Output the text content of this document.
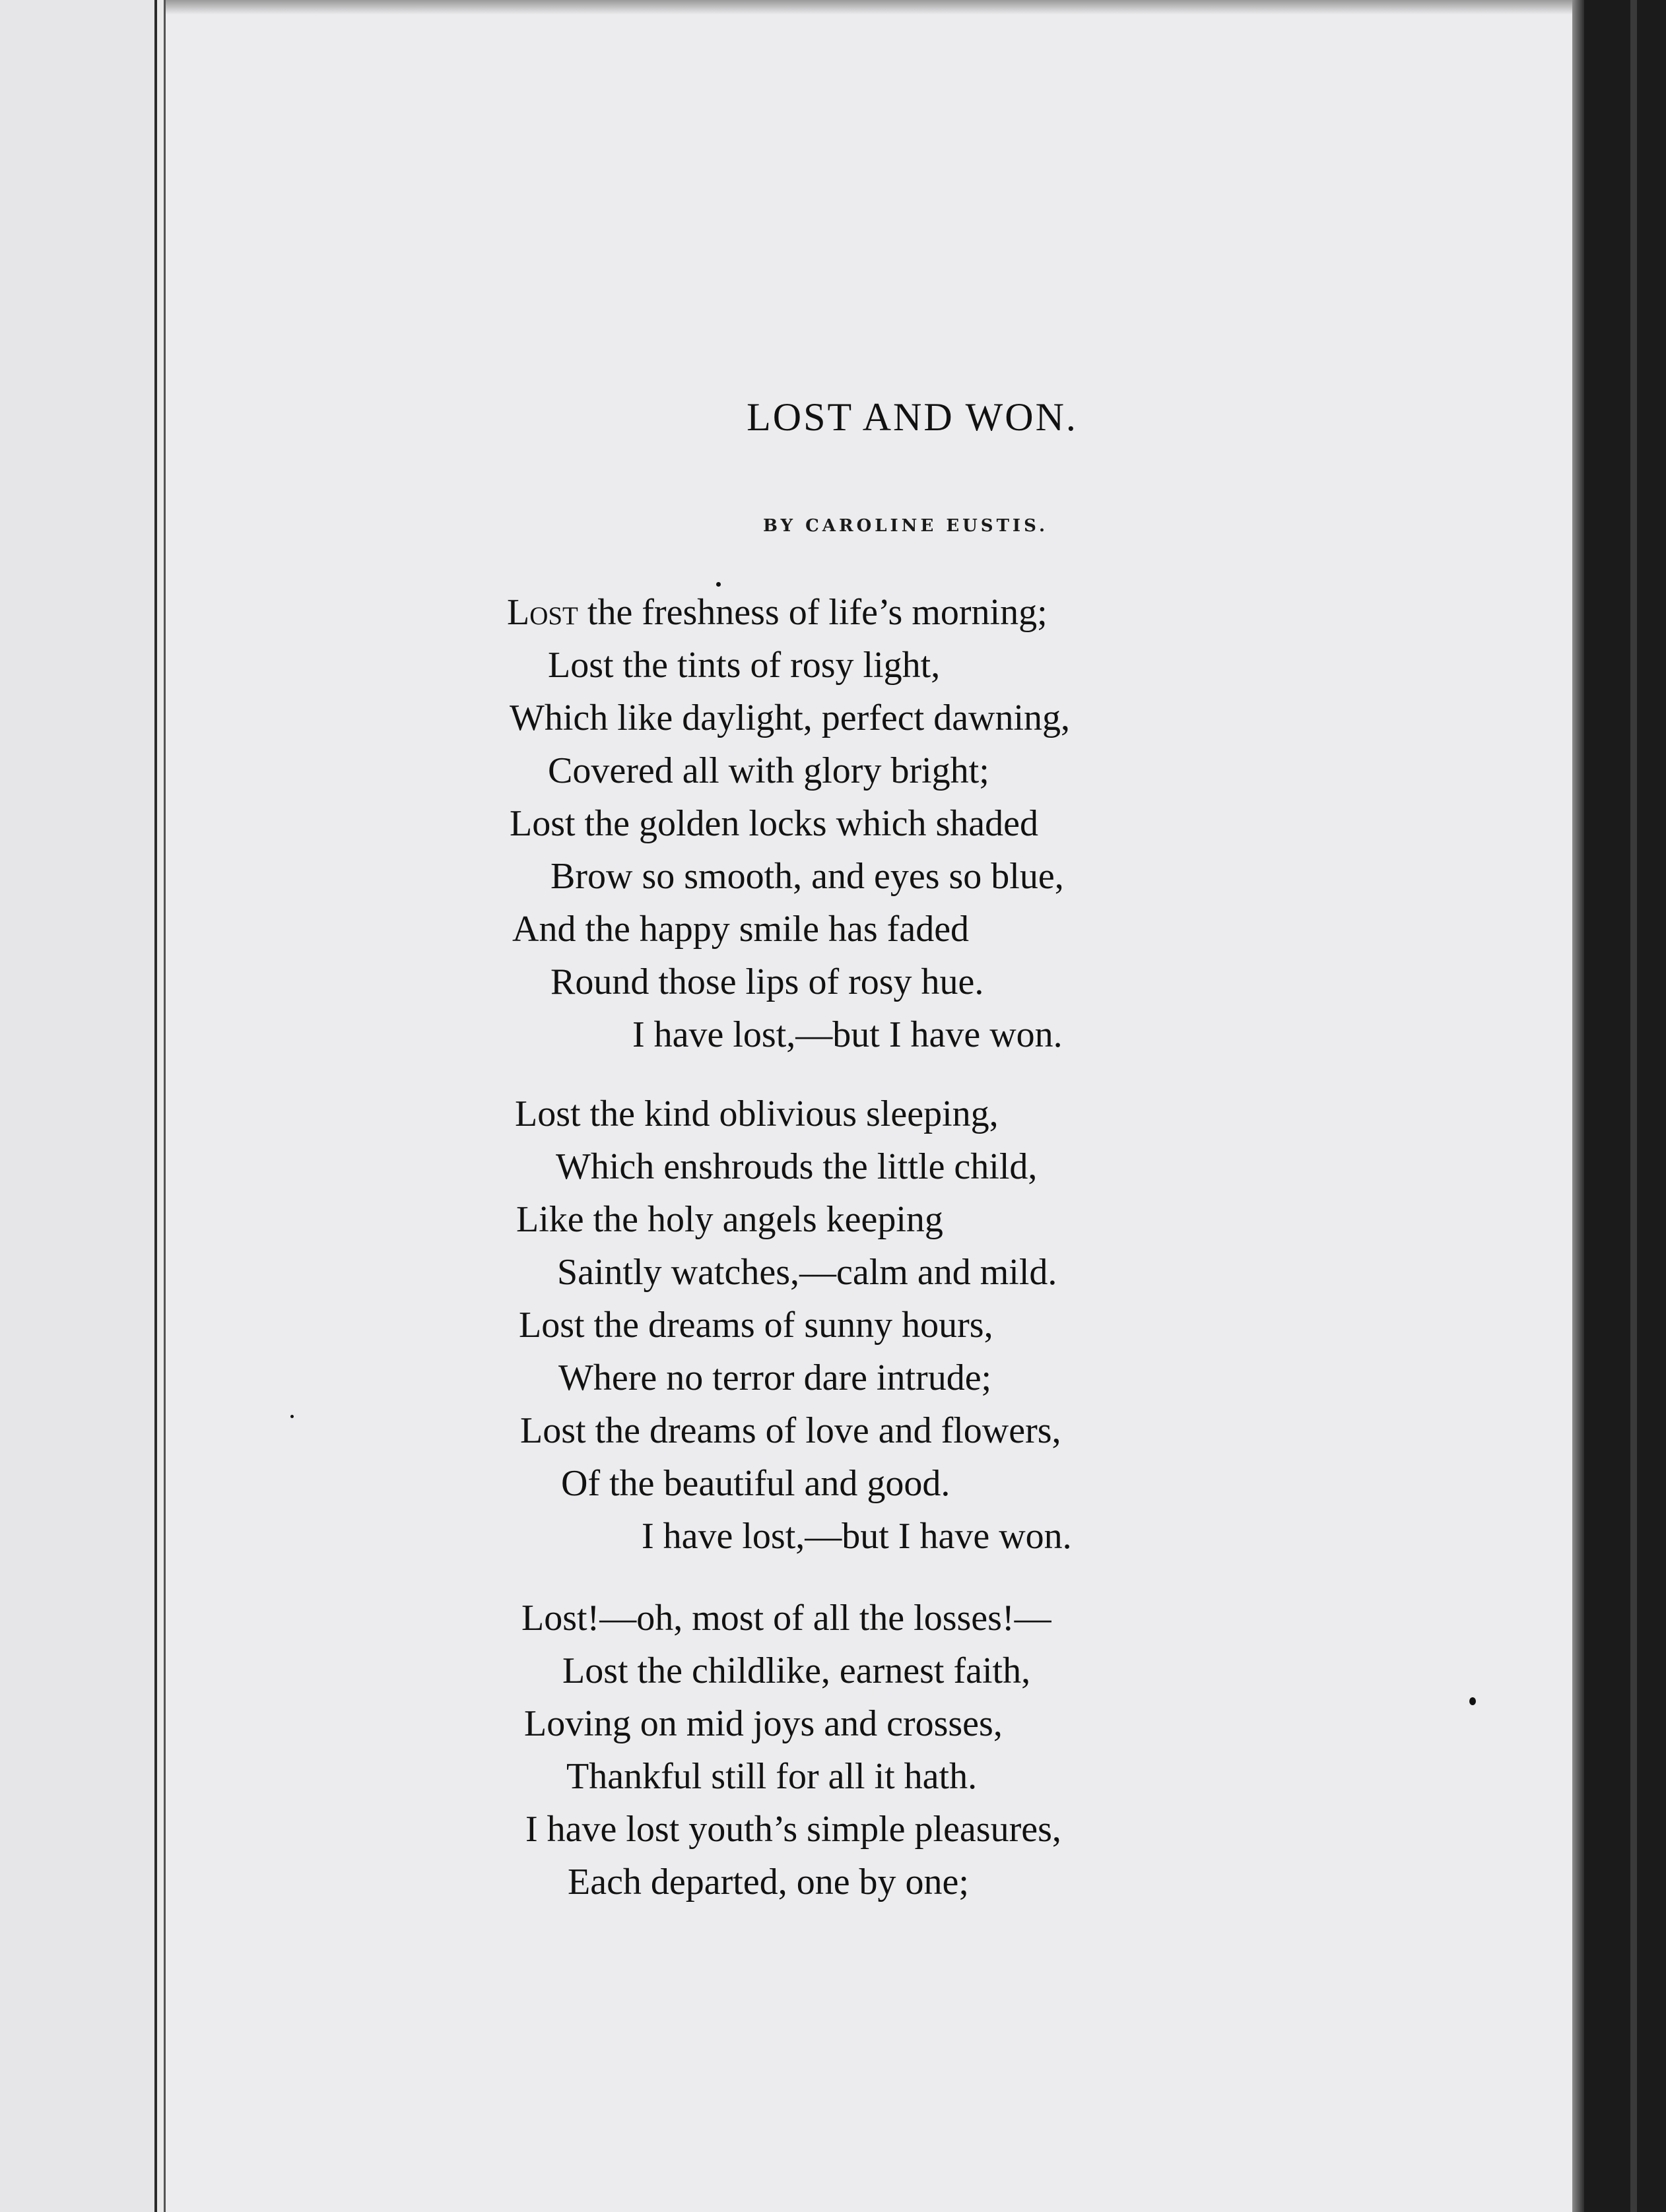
LOST AND WON.
BY CAROLINE EUSTIS.
Lost the freshness of life’s morning;
Lost the tints of rosy light,
Which like daylight, perfect dawning,
Covered all with glory bright;
Lost the golden locks which shaded
Brow so smooth, and eyes so blue,
And the happy smile has faded
Round those lips of rosy hue.
I have lost,—but I have won.
Lost the kind oblivious sleeping,
Which enshrouds the little child,
Like the holy angels keeping
Saintly watches,—calm and mild.
Lost the dreams of sunny hours,
Where no terror dare intrude;
Lost the dreams of love and flowers,
Of the beautiful and good.
I have lost,—but I have won.
Lost!—oh, most of all the losses!—
Lost the childlike, earnest faith,
Loving on mid joys and crosses,
Thankful still for all it hath.
I have lost youth’s simple pleasures,
Each departed, one by one;
